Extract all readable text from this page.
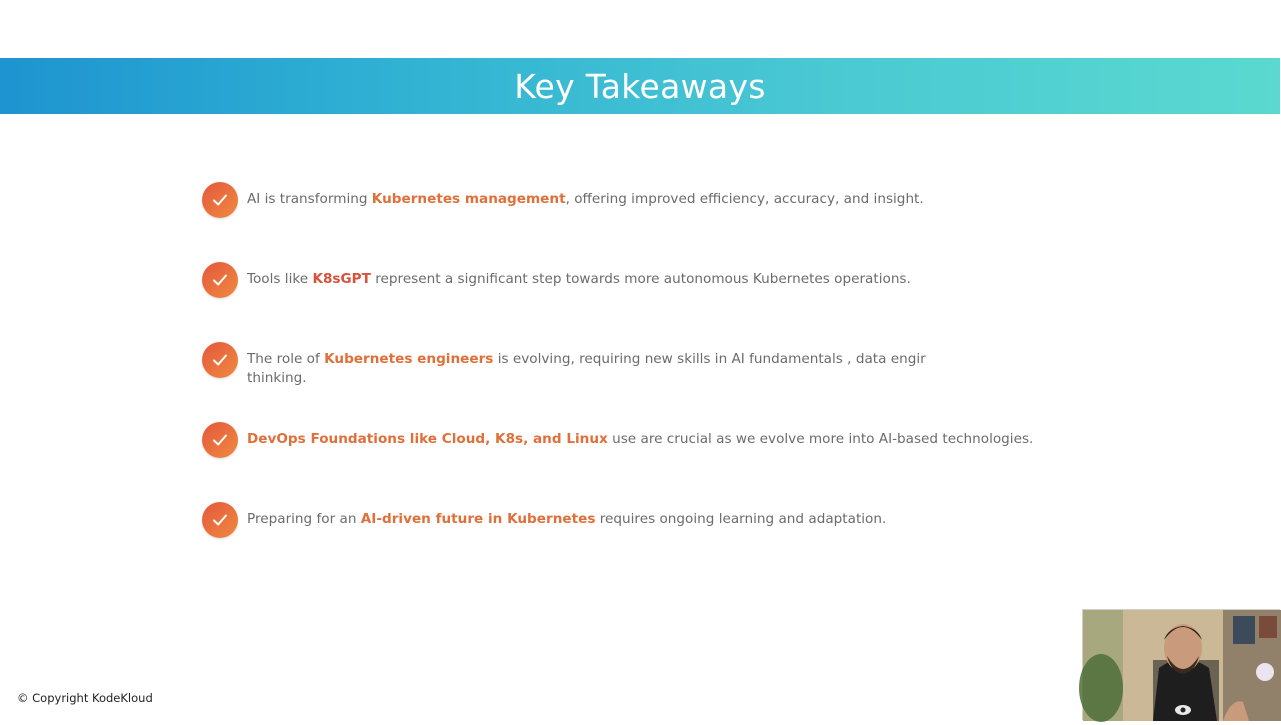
Key Takeaways
AI is transforming Kubernetes management, offering improved efficiency, accuracy, and insight.
Tools like K8sGPT represent a significant step towards more autonomous Kubernetes operations.
The role of Kubernetes engineers is evolving, requiring new skills in AI fundamentals , data engir
thinking.
DevOps Foundations like Cloud, K8s, and Linux use are crucial as we evolve more into AI-based technologies.
Preparing for an AI-driven future in Kubernetes requires ongoing learning and adaptation.
© Copyright KodeKloud
